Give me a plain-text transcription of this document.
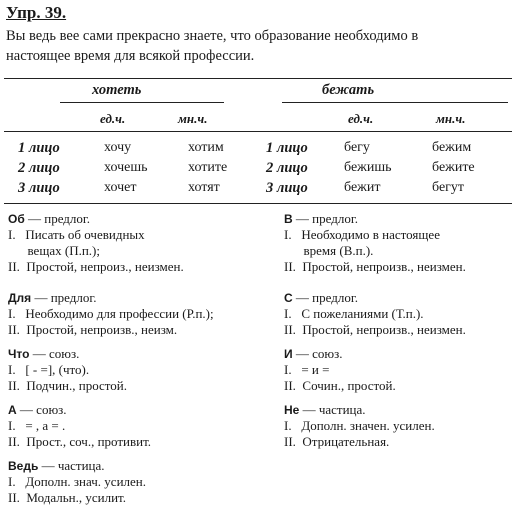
Упр. 39.
Вы ведь вее сами прекрасно знаете, что образование необходимо в
настоящее время для всякой профессии.
хотеть	бежать
ед.ч.	мн.ч.	ед.ч.	мн.ч.
1 лицо	хочу	хотим	1 лицо	бегу	бежим
2 лицо	хочешь	хотите	2 лицо	бежишь	бежите
3 лицо	хочет	хотят	3 лицо	бежит	бегут
Об — предлог.
I.   Писать об очевидных
вещах (П.п.);
II.  Простой, непроиз., неизмен.
Для — предлог.
I.   Необходимо для профессии (Р.п.);
II.  Простой, непроизв., неизм.
Что — союз.
I.   [ - =], (что).
II.  Подчин., простой.
А — союз.
I.   = , а = .
II.  Прост., соч., противит.
Ведь — частица.
I.   Дополн. знач. усилен.
II.  Модальн., усилит.
В — предлог.
I.   Необходимо в настоящее
время (В.п.).
II.  Простой, непроизв., неизмен.
С — предлог.
I.   С пожеланиями (Т.п.).
II.  Простой, непроизв., неизмен.
И — союз.
I.   = и =
II.  Сочин., простой.
Не — частица.
I.   Дополн. значен. усилен.
II.  Отрицательная.
